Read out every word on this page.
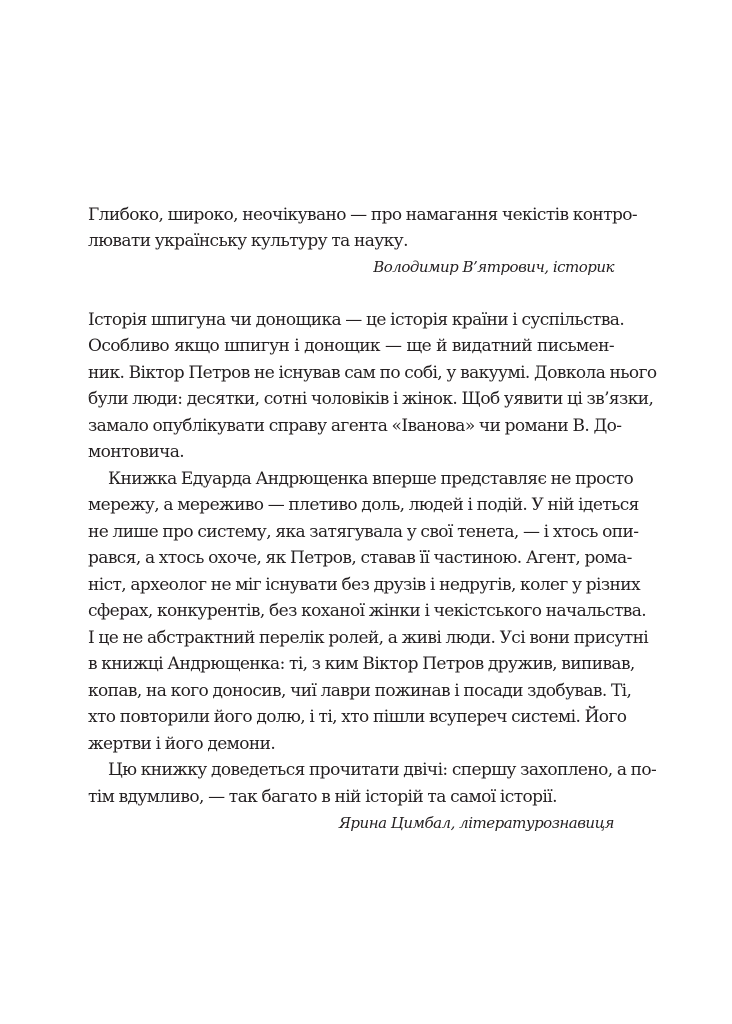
Глибоко, широко, неочікувано — про намагання чекістів контро-
лювати українську культуру та науку.
Володимир В’ятрович, історик
Історія шпигуна чи донощика — це історія країни і суспільства.
Особливо якщо шпигун і донощик — ще й видатний письмен-
ник. Віктор Петров не існував сам по собі, у вакуумі. Довкола нього
були люди: десятки, сотні чоловіків і жінок. Щоб уявити ці зв’язки,
замало опублікувати справу агента «Іванова» чи романи В. До-
монтовича.
Книжка Едуарда Андрющенка вперше представляє не просто
мережу, а мереживо — плетиво доль, людей і подій. У ній ідеться
не лише про систему, яка затягувала у свої тенета, — і хтось опи-
рався, а хтось охоче, як Петров, ставав її частиною. Агент, рома-
ніст, археолог не міг існувати без друзів і недругів, колег у різних
сферах, конкурентів, без коханої жінки і чекістського начальства.
І це не абстрактний перелік ролей, а живі люди. Усі вони присутні
в книжці Андрющенка: ті, з ким Віктор Петров дружив, випивав,
копав, на кого доносив, чиї лаври пожинав і посади здобував. Ті,
хто повторили його долю, і ті, хто пішли всупереч системі. Його
жертви і його демони.
Цю книжку доведеться прочитати двічі: спершу захоплено, а по-
тім вдумливо, — так багато в ній історій та самої історії.
Ярина Цимбал, літературознавиця
